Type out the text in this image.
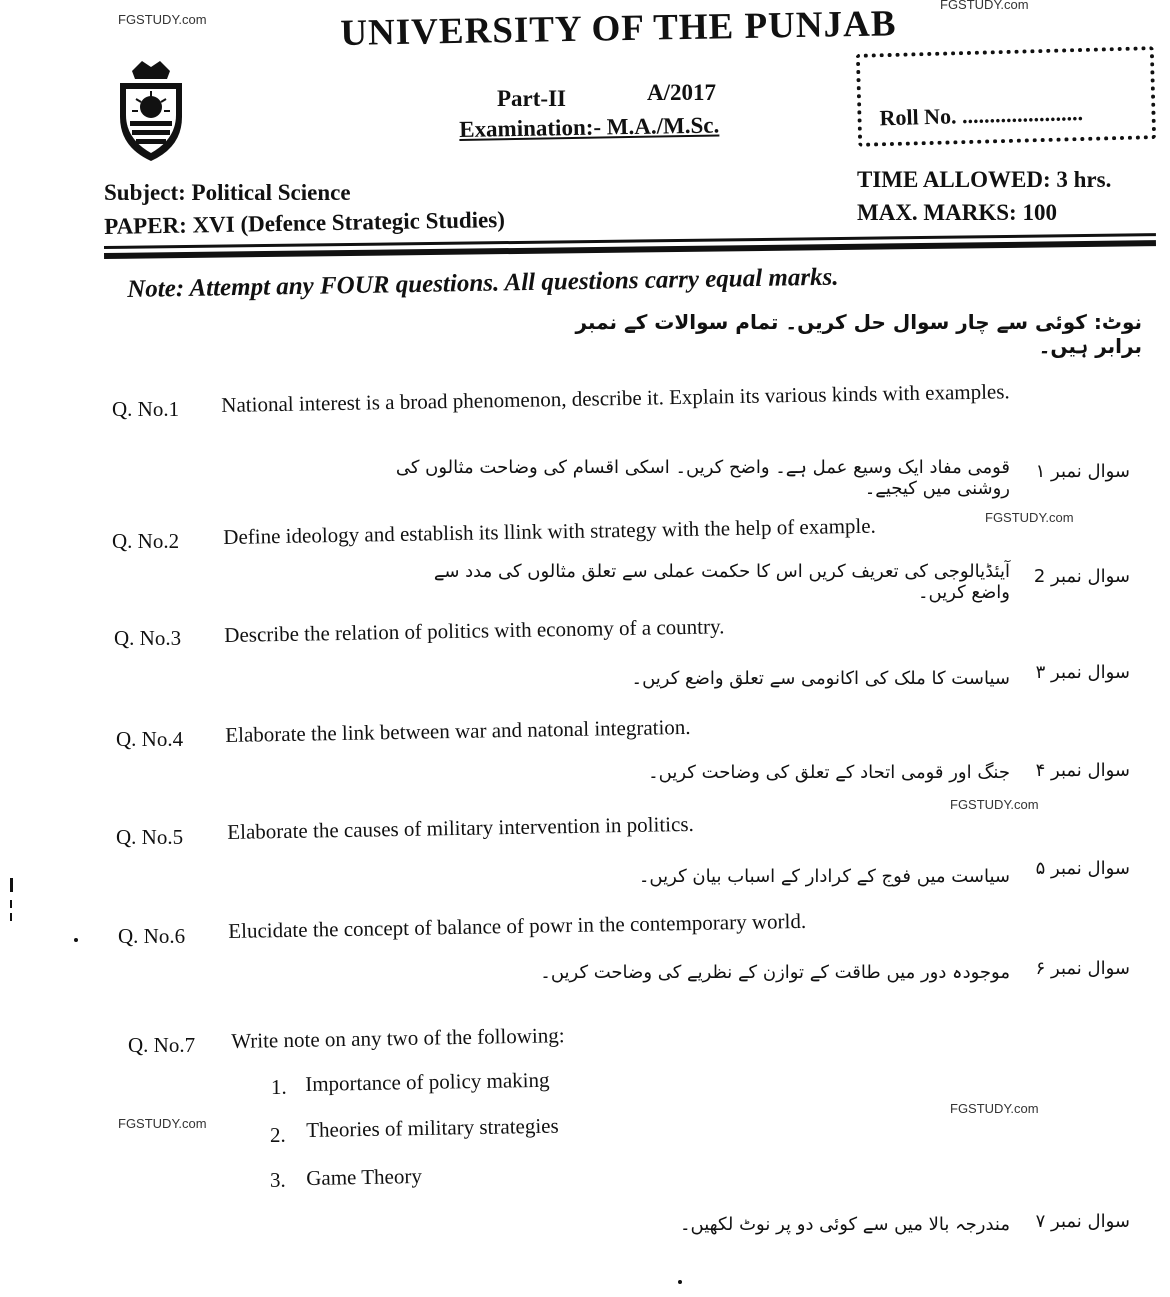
FGSTUDY.com
FGSTUDY.com
FGSTUDY.com
FGSTUDY.com
FGSTUDY.com
FGSTUDY.com
UNIVERSITY OF THE PUNJAB
Part-II	A/2017
Examination:- M.A./M.Sc.	Roll No. ......................
Subject: Political Science
PAPER: XVI (Defence Strategic Studies)
TIME ALLOWED: 3 hrs.
MAX. MARKS: 100
Note: Attempt any FOUR questions. All questions carry equal marks.
نوٹ: کوئی سے چار سوال حل کریں۔ تمام سوالات کے نمبر برابر ہیں۔
Q. No.1 National interest is a broad phenomenon, describe it. Explain its various kinds with examples.
سوال نمبر ۱
قومی مفاد ایک وسیع عمل ہے۔ واضح کریں۔ اسکی اقسام کی وضاحت مثالوں کی روشنی میں کیجیے۔
Q. No.2 Define ideology and establish its llink with strategy with the help of example.
سوال نمبر 2
آیئڈیالوجی کی تعریف کریں اس کا حکمت عملی سے تعلق مثالوں کی مدد سے واضع کریں۔
Q. No.3 Describe the relation of politics with economy of a country.
سوال نمبر ۳
سیاست کا ملک کی اکانومی سے تعلق واضع کریں۔
Q. No.4 Elaborate the link between war and natonal integration.
سوال نمبر ۴
جنگ اور قومی اتحاد کے تعلق کی وضاحت کریں۔
Q. No.5 Elaborate the causes of military intervention in politics.
سوال نمبر ۵
سیاست میں فوج کے کرادار کے اسباب بیان کریں۔
Q. No.6 Elucidate the concept of balance of powr in the contemporary world.
سوال نمبر ۶
موجودہ دور میں طاقت کے توازن کے نظریے کی وضاحت کریں۔
Q. No.7 Write note on any two of the following:
1. Importance of policy making
2. Theories of military strategies
3. Game Theory
سوال نمبر ۷
مندرجہ بالا میں سے کوئی دو پر نوٹ لکھیں۔
